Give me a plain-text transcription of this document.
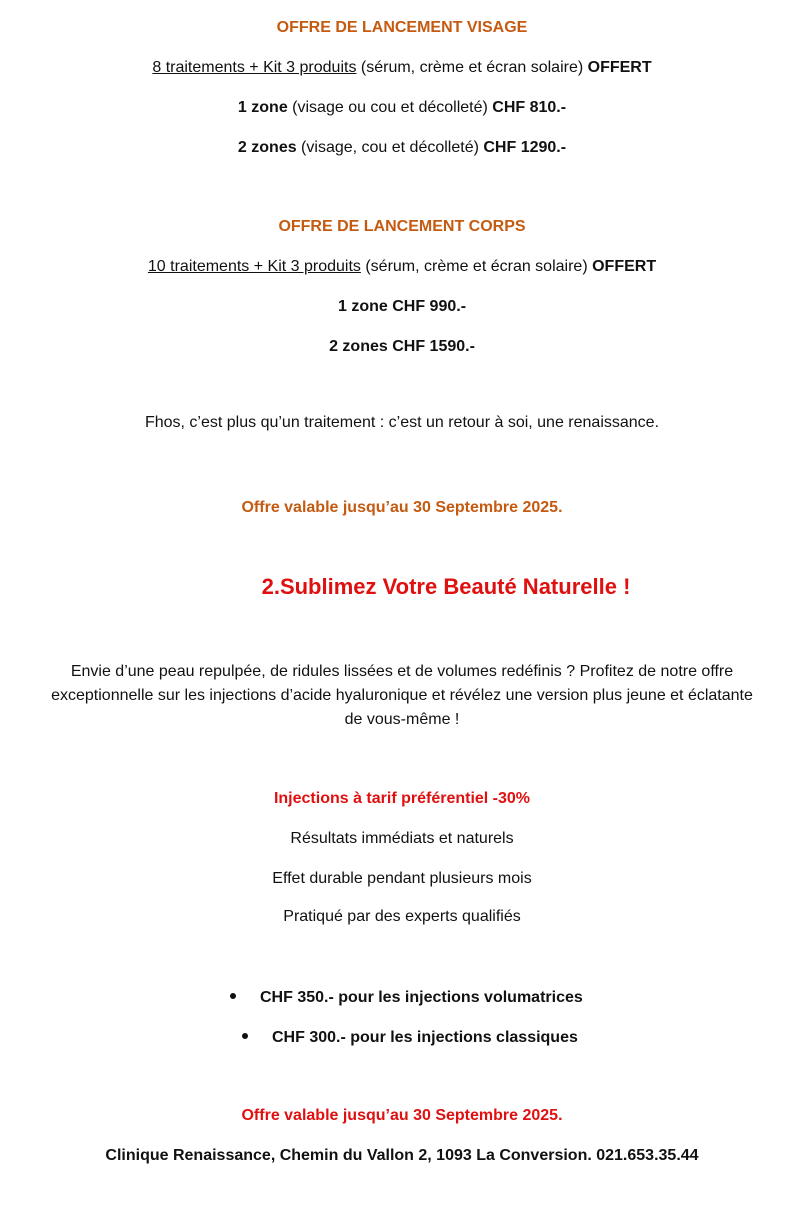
OFFRE DE LANCEMENT VISAGE
8 traitements + Kit 3 produits (sérum, crème et écran solaire) OFFERT
1 zone (visage ou cou et décolleté) CHF 810.-
2 zones (visage, cou et décolleté) CHF 1290.-
OFFRE DE LANCEMENT CORPS
10 traitements + Kit 3 produits (sérum, crème et écran solaire) OFFERT
1 zone CHF 990.-
2 zones CHF 1590.-
Fhos, c’est plus qu’un traitement : c’est un retour à soi, une renaissance.
Offre valable jusqu’au 30 Septembre 2025.
2.Sublimez Votre Beauté Naturelle !
Envie d’une peau repulpée, de ridules lissées et de volumes redéfinis ? Profitez de notre offre
exceptionnelle sur les injections d’acide hyaluronique et révélez une version plus jeune et éclatante
de vous-même !
Injections à tarif préférentiel -30%
Résultats immédiats et naturels
Effet durable pendant plusieurs mois
Pratiqué par des experts qualifiés
CHF 350.- pour les injections volumatrices
CHF 300.- pour les injections classiques
Offre valable jusqu’au 30 Septembre 2025.
Clinique Renaissance, Chemin du Vallon 2, 1093 La Conversion. 021.653.35.44
